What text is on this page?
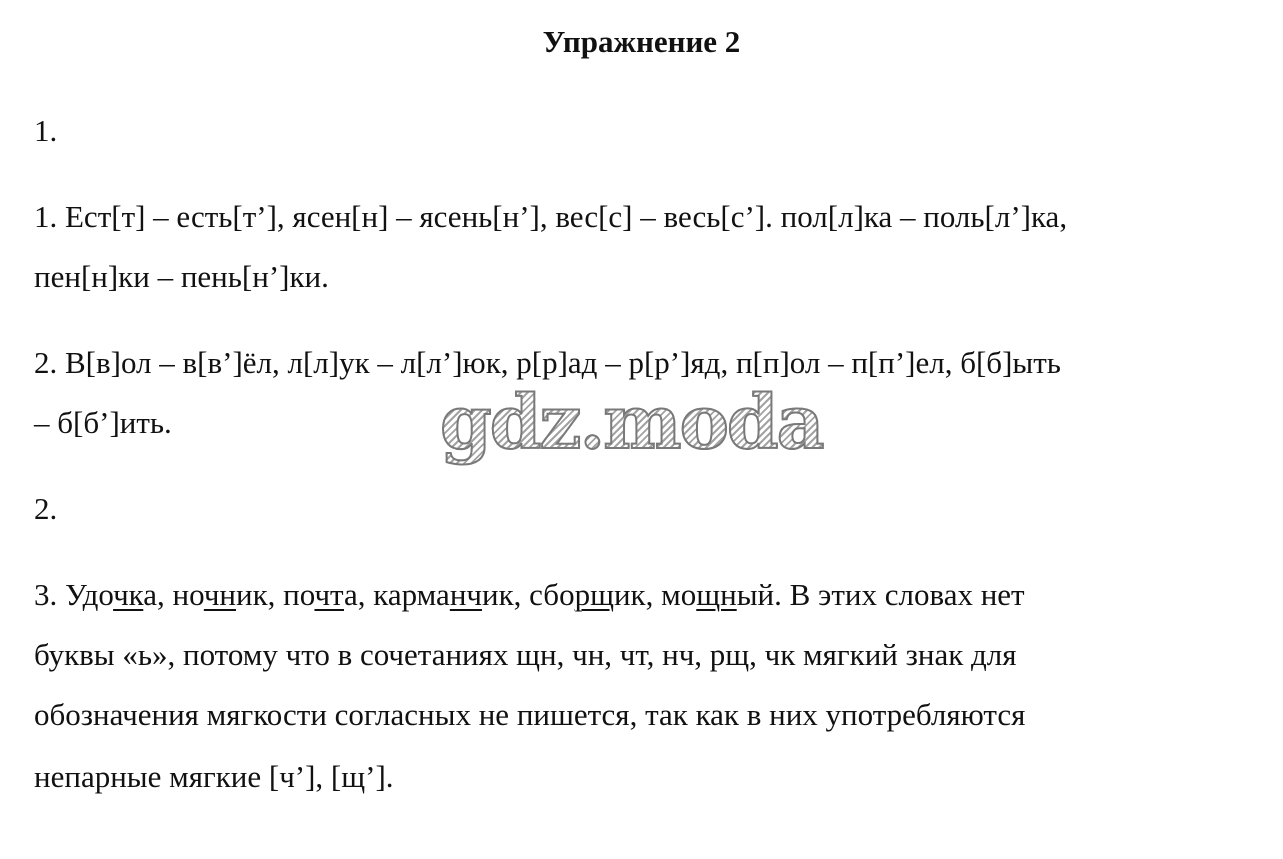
Упражнение 2
1.
1. Ест[т] – есть[т’], ясен[н] – ясень[н’], вес[с] – весь[с’]. пол[л]ка – поль[л’]ка,
пен[н]ки – пень[н’]ки.
2. В[в]ол – в[в’]ёл, л[л]ук – л[л’]юк, р[р]ад – р[р’]яд, п[п]ол – п[п’]ел, б[б]ыть
– б[б’]ить.
2.
3. Удочка, ночник, почта, карманчик, сборщик, мощный. В этих словах нет
буквы «ь», потому что в сочетаниях щн, чн, чт, нч, рщ, чк мягкий знак для
обозначения мягкости согласных не пишется, так как в них употребляются
непарные мягкие [ч’], [щ’].
gdz.moda
